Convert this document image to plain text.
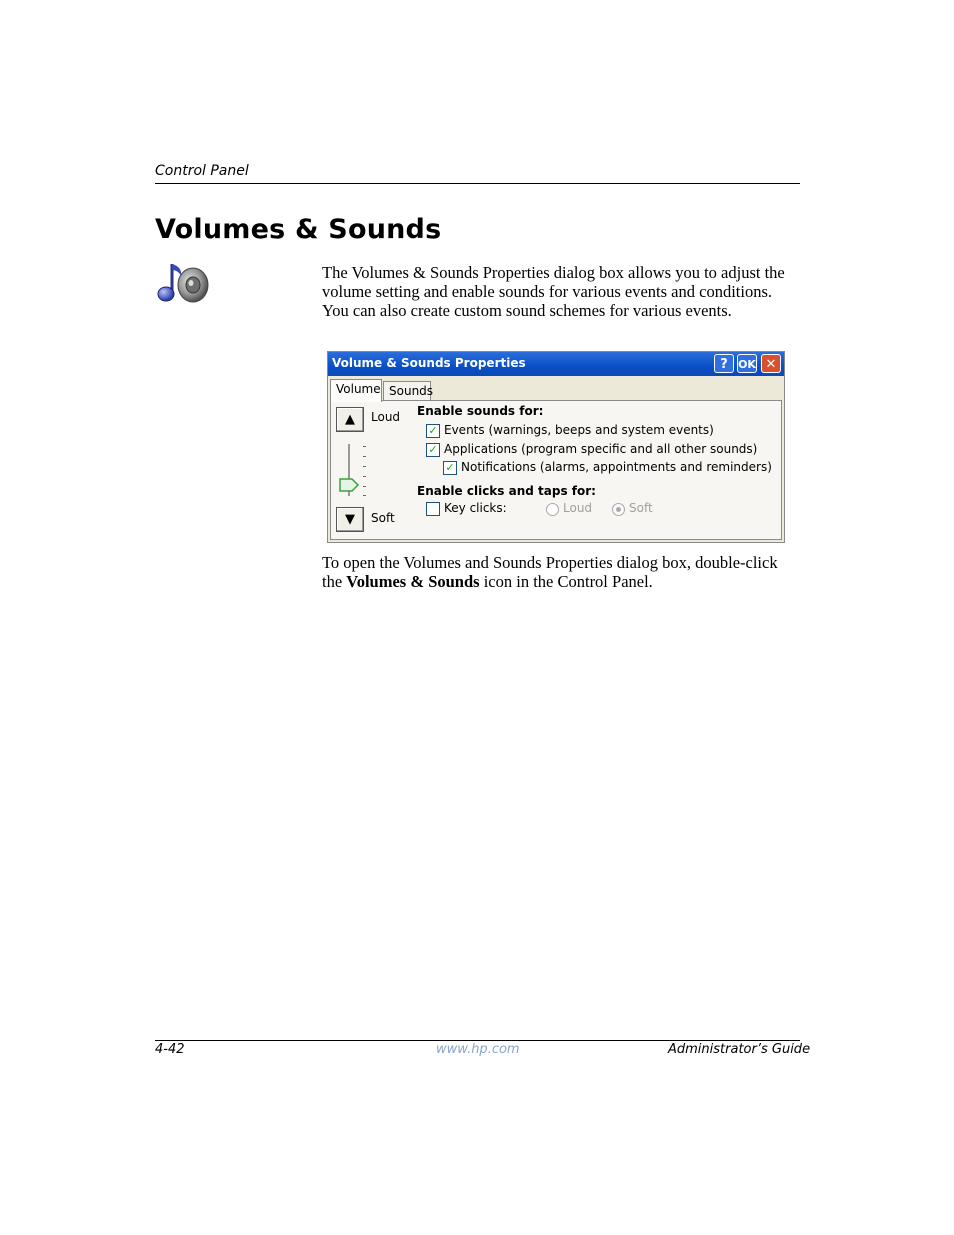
Control Panel
Volumes & Sounds
The Volumes & Sounds Properties dialog box allows you to adjust the volume setting and enable sounds for various events and conditions. You can also create custom sound schemes for various events.
Volume & Sounds Properties	? OK ✕
Volume Sounds
▲	Loud
▼	Soft
Enable sounds for:
✓ Events (warnings, beeps and system events)
✓ Applications (program specific and all other sounds)
✓ Notifications (alarms, appointments and reminders)
Enable clicks and taps for:
Key clicks:	Loud	Soft
To open the Volumes and Sounds Properties dialog box, double-click the Volumes & Sounds icon in the Control Panel.
4-42	www.hp.com	Administrator’s Guide
